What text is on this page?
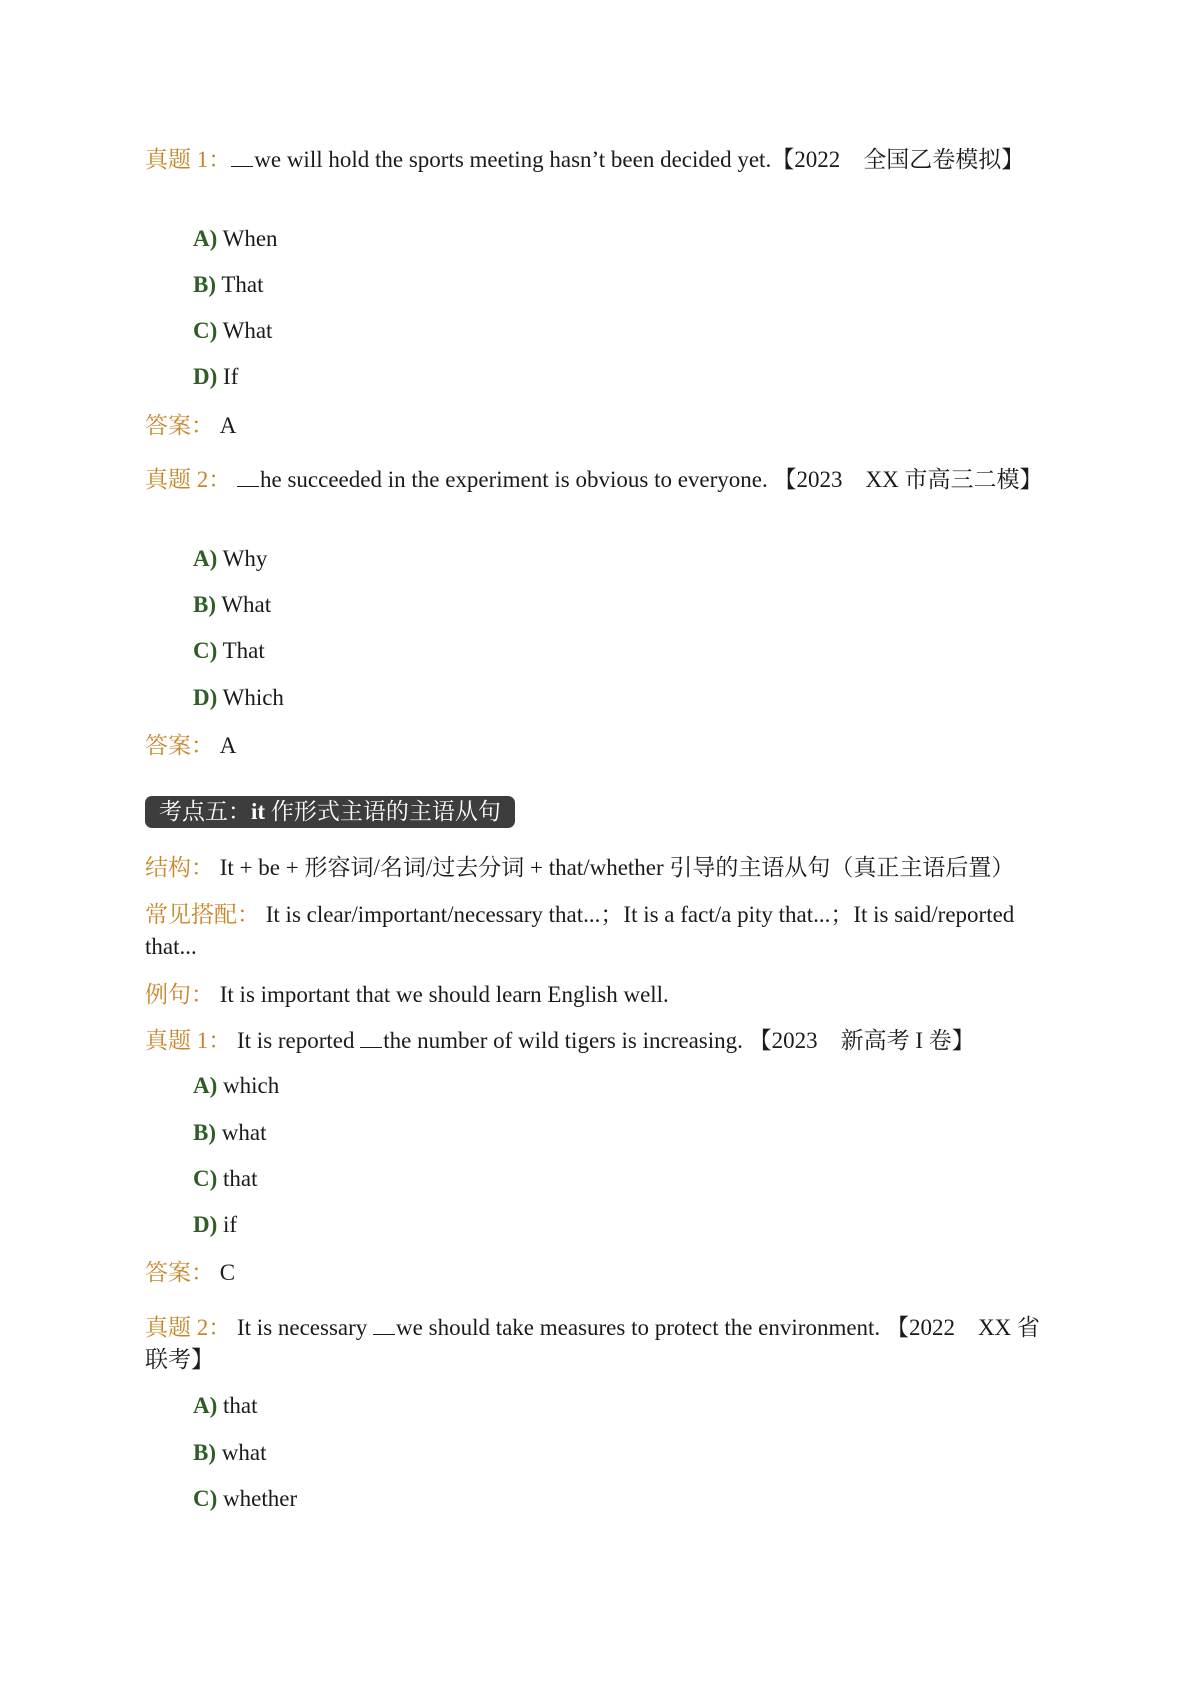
真题 1： we will hold the sports meeting hasn’t been decided yet.【2022　全国乙卷模拟】
A) When
B) That
C) What
D) If
答案： A
真题 2： he succeeded in the experiment is obvious to everyone. 【2023　XX 市高三二模】
A) Why
B) What
C) That
D) Which
答案： A
考点五：it 作形式主语的主语从句
结构： It + be + 形容词/名词/过去分词 + that/whether 引导的主语从句（真正主语后置）
常见搭配： It is clear/important/necessary that...；It is a fact/a pity that...；It is said/reported that...
例句： It is important that we should learn English well.
真题 1： It is reported the number of wild tigers is increasing. 【2023　新高考 I 卷】
A) which
B) what
C) that
D) if
答案： C
真题 2： It is necessary we should take measures to protect the environment. 【2022　XX 省联考】
A) that
B) what
C) whether
